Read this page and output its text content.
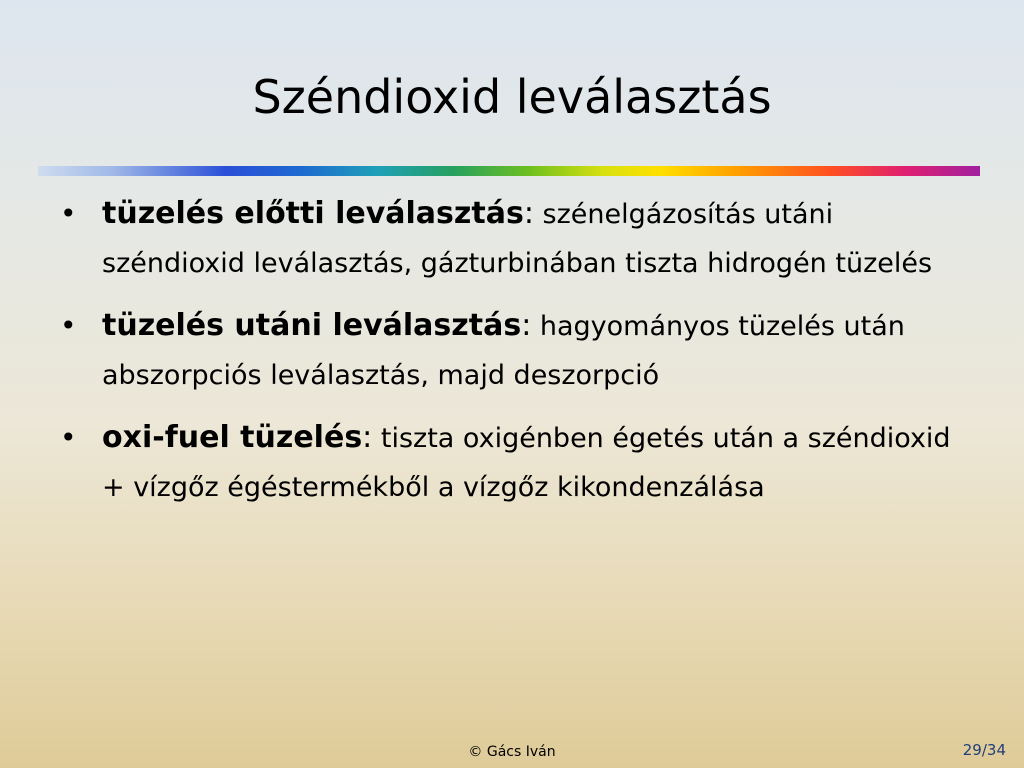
Széndioxid leválasztás
• tüzelés előtti leválasztás: szénelgázosítás utáni széndioxid leválasztás, gázturbinában tiszta hidrogén tüzelés
• tüzelés utáni leválasztás: hagyományos tüzelés után abszorpciós leválasztás, majd deszorpció
• oxi-fuel tüzelés: tiszta oxigénben égetés után a széndioxid + vízgőz égéstermékből a vízgőz kikondenzálása
© Gács Iván	29/34
